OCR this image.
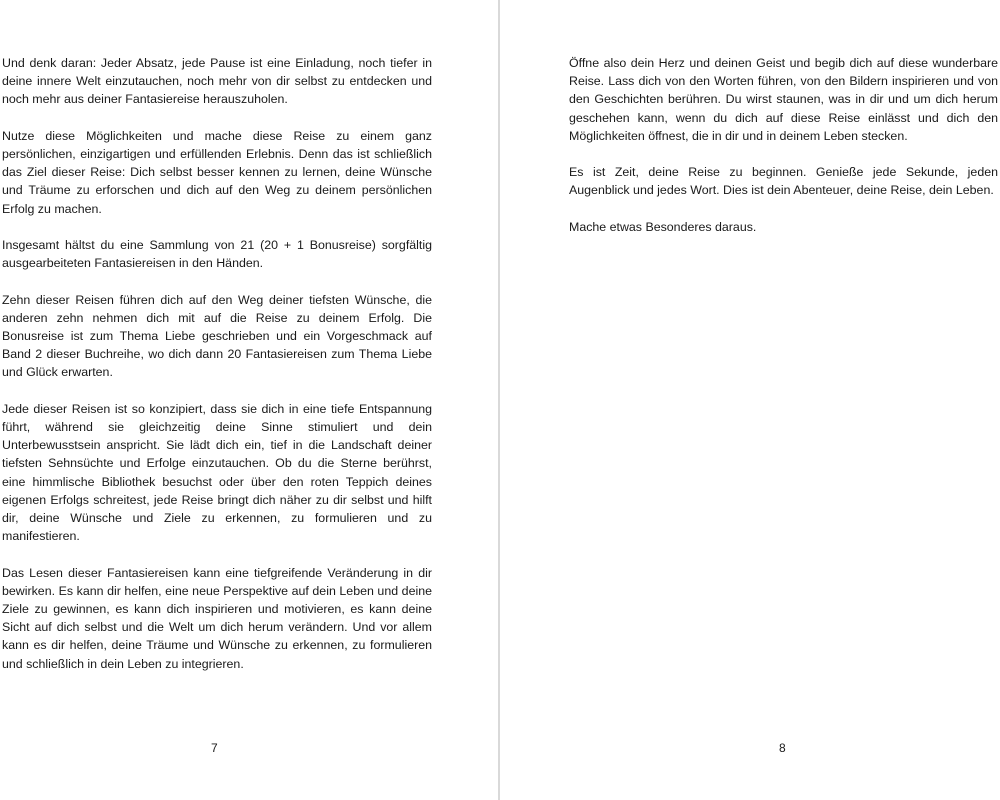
Und denk daran: Jeder Absatz, jede Pause ist eine Einladung, noch tiefer in deine innere Welt einzutauchen, noch mehr von dir selbst zu entdecken und noch mehr aus deiner Fantasiereise herauszuholen.

Nutze diese Möglichkeiten und mache diese Reise zu einem ganz persönlichen, einzigartigen und erfüllenden Erlebnis. Denn das ist schließlich das Ziel dieser Reise: Dich selbst besser kennen zu lernen, deine Wünsche und Träume zu erforschen und dich auf den Weg zu deinem persönlichen Erfolg zu machen.

Insgesamt hältst du eine Sammlung von 21 (20 + 1 Bonusreise) sorgfältig ausgearbeiteten Fantasiereisen in den Händen.

Zehn dieser Reisen führen dich auf den Weg deiner tiefsten Wünsche, die anderen zehn nehmen dich mit auf die Reise zu deinem Erfolg. Die Bonusreise ist zum Thema Liebe geschrieben und ein Vorgeschmack auf Band 2 dieser Buchreihe, wo dich dann 20 Fantasiereisen zum Thema Liebe und Glück erwarten.

Jede dieser Reisen ist so konzipiert, dass sie dich in eine tiefe Entspannung führt, während sie gleichzeitig deine Sinne stimuliert und dein Unterbewusstsein anspricht. Sie lädt dich ein, tief in die Landschaft deiner tiefsten Sehnsüchte und Erfolge einzutauchen. Ob du die Sterne berührst, eine himmlische Bibliothek besuchst oder über den roten Teppich deines eigenen Erfolgs schreitest, jede Reise bringt dich näher zu dir selbst und hilft dir, deine Wünsche und Ziele zu erkennen, zu formulieren und zu manifestieren.

Das Lesen dieser Fantasiereisen kann eine tiefgreifende Veränderung in dir bewirken. Es kann dir helfen, eine neue Perspektive auf dein Leben und deine Ziele zu gewinnen, es kann dich inspirieren und motivieren, es kann deine Sicht auf dich selbst und die Welt um dich herum verändern. Und vor allem kann es dir helfen, deine Träume und Wünsche zu erkennen, zu formulieren und schließlich in dein Leben zu integrieren.

7

Öffne also dein Herz und deinen Geist und begib dich auf diese wunderbare Reise. Lass dich von den Worten führen, von den Bildern inspirieren und von den Geschichten berühren. Du wirst staunen, was in dir und um dich herum geschehen kann, wenn du dich auf diese Reise einlässt und dich den Möglichkeiten öffnest, die in dir und in deinem Leben stecken.

Es ist Zeit, deine Reise zu beginnen. Genieße jede Sekunde, jeden Augenblick und jedes Wort. Dies ist dein Abenteuer, deine Reise, dein Leben.

Mache etwas Besonderes daraus.

8
